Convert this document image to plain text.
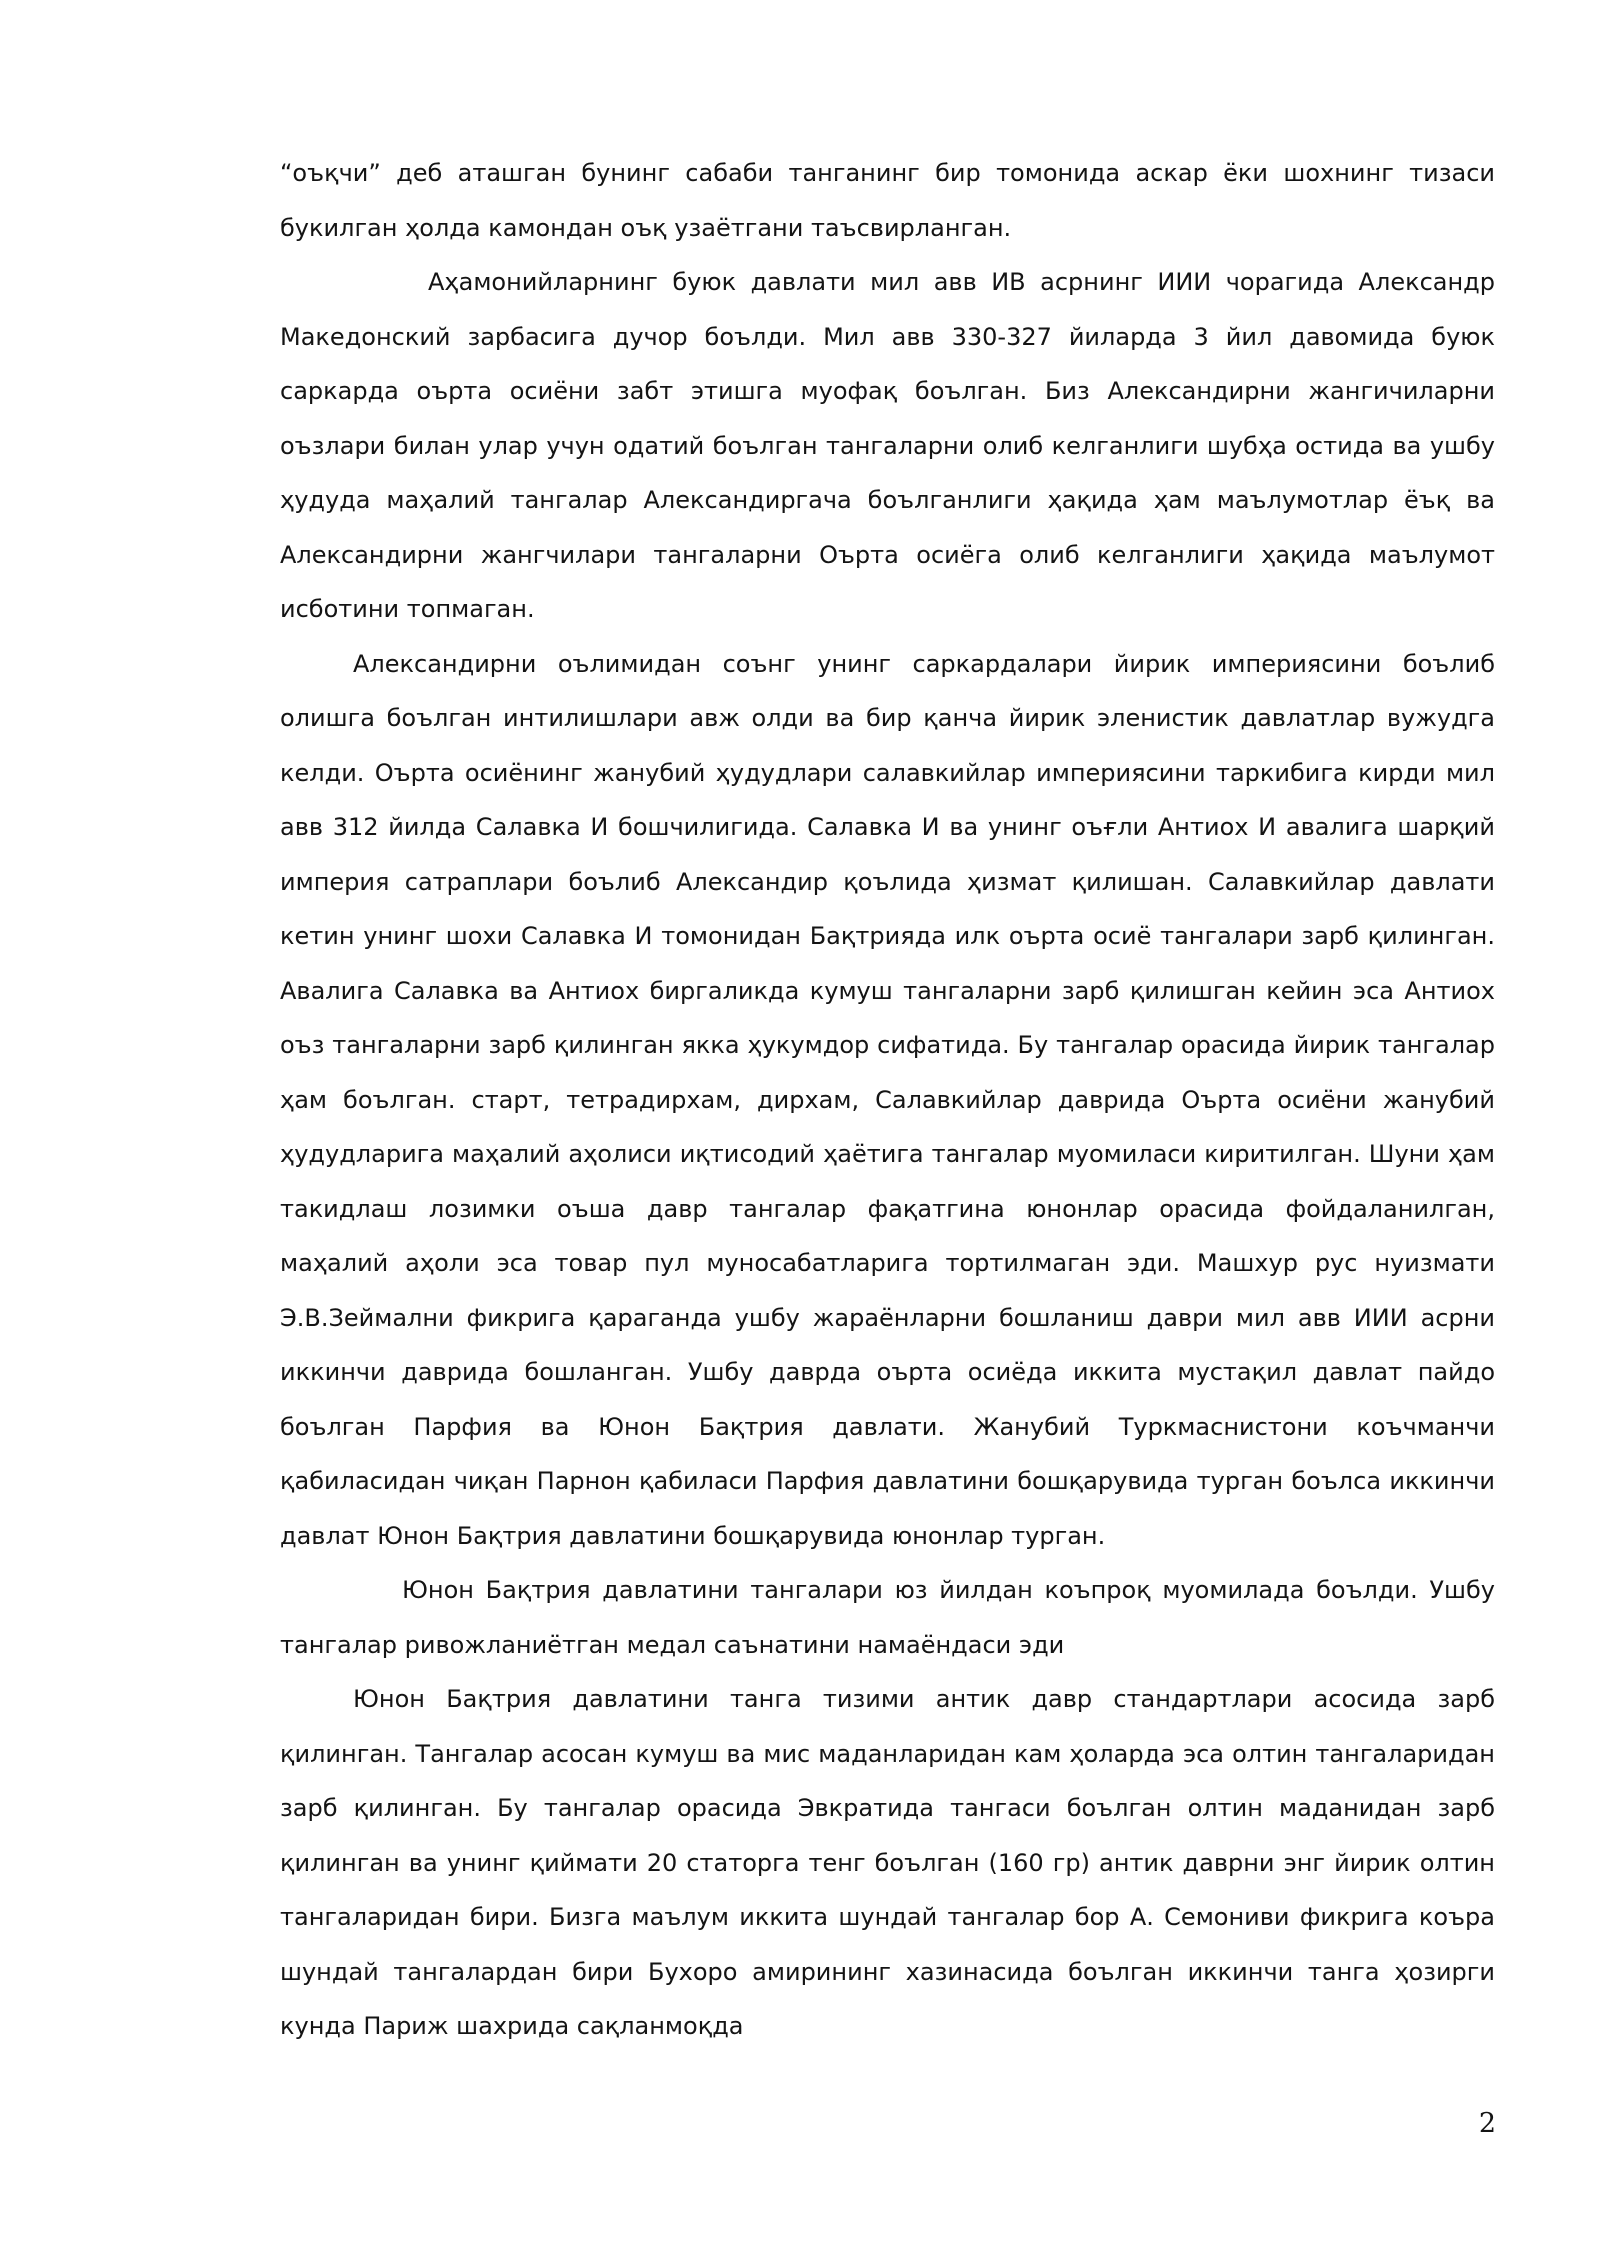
“оъқчи” деб аташган бунинг сабаби танганинг бир томонида аскар ёки шохнинг тизаси букилган ҳолда камондан оъқ узаётгани таъсвирланган.

Аҳамонийларнинг буюк давлати мил авв ИВ асрнинг ИИИ чорагида Александр Македонский зарбасига дучор боълди. Мил авв 330-327 йиларда 3 йил давомида буюк саркарда оърта осиёни забт этишга муофақ боълган. Биз Александирни жангичиларни оъзлари билан улар учун одатий боълган тангаларни олиб келганлиги шубҳа остида ва ушбу ҳудуда маҳалий тангалар Александиргача боълганлиги ҳақида ҳам маълумотлар ёъқ ва Александирни жангчилари тангаларни Оърта осиёга олиб келганлиги ҳақида маълумот исботини топмаган.

Александирни оълимидан соънг унинг саркардалари йирик империясини боълиб олишга боълган интилишлари авж олди ва бир қанча йирик эленистик давлатлар вужудга келди. Оърта осиёнинг жанубий ҳудудлари салавкийлар империясини таркибига кирди мил авв 312 йилда Салавка И бошчилигида. Салавка И ва унинг оъғли Антиох И авалига шарқий империя сатраплари боълиб Александир қоълида ҳизмат қилишан. Салавкийлар давлати кетин унинг шохи Салавка И томонидан Бақтрияда илк оърта осиё тангалари зарб қилинган. Авалига Салавка ва Антиох биргаликда кумуш тангаларни зарб қилишган кейин эса Антиох оъз тангаларни зарб қилинган якка ҳукумдор сифатида. Бу тангалар орасида йирик тангалар ҳам боълган. старт, тетрадирхам, дирхам, Салавкийлар даврида Оърта осиёни жанубий ҳудудларига маҳалий аҳолиси иқтисодий ҳаётига тангалар муомиласи киритилган. Шуни ҳам такидлаш лозимки оъша давр тангалар фақатгина юнонлар орасида фойдаланилган, маҳалий аҳоли эса товар пул муносабатларига тортилмаган эди. Машхур рус нуизмати Э.В.Зеймални фикрига қараганда ушбу жараёнларни бошланиш даври мил авв ИИИ асрни иккинчи даврида бошланган. Ушбу даврда оърта осиёда иккита мустақил давлат пайдо боълган Парфия ва Юнон Бақтрия давлати. Жанубий Туркмаснистони коъчманчи қабиласидан чиқан Парнон қабиласи Парфия давлатини бошқарувида турган боълса иккинчи давлат Юнон Бақтрия давлатини бошқарувида юнонлар турган.

Юнон Бақтрия давлатини тангалари юз йилдан коъпроқ муомилада боълди. Ушбу тангалар ривожланиётган медал саънатини намаёндаси эди

Юнон Бақтрия давлатини танга тизими антик давр стандартлари асосида зарб қилинган. Тангалар асосан кумуш ва мис маданларидан кам ҳоларда эса олтин тангаларидан зарб қилинган. Бу тангалар орасида Эвкратида тангаси боълган олтин маданидан зарб қилинган ва унинг қиймати 20 статорга тенг боълган (160 гр) антик даврни энг йирик олтин тангаларидан бири. Бизга маълум иккита шундай тангалар бор А. Семониви фикрига коъра шундай тангалардан бири Бухоро амирининг хазинасида боълган иккинчи танга ҳозирги кунда Париж шахрида сақланмоқда

2
